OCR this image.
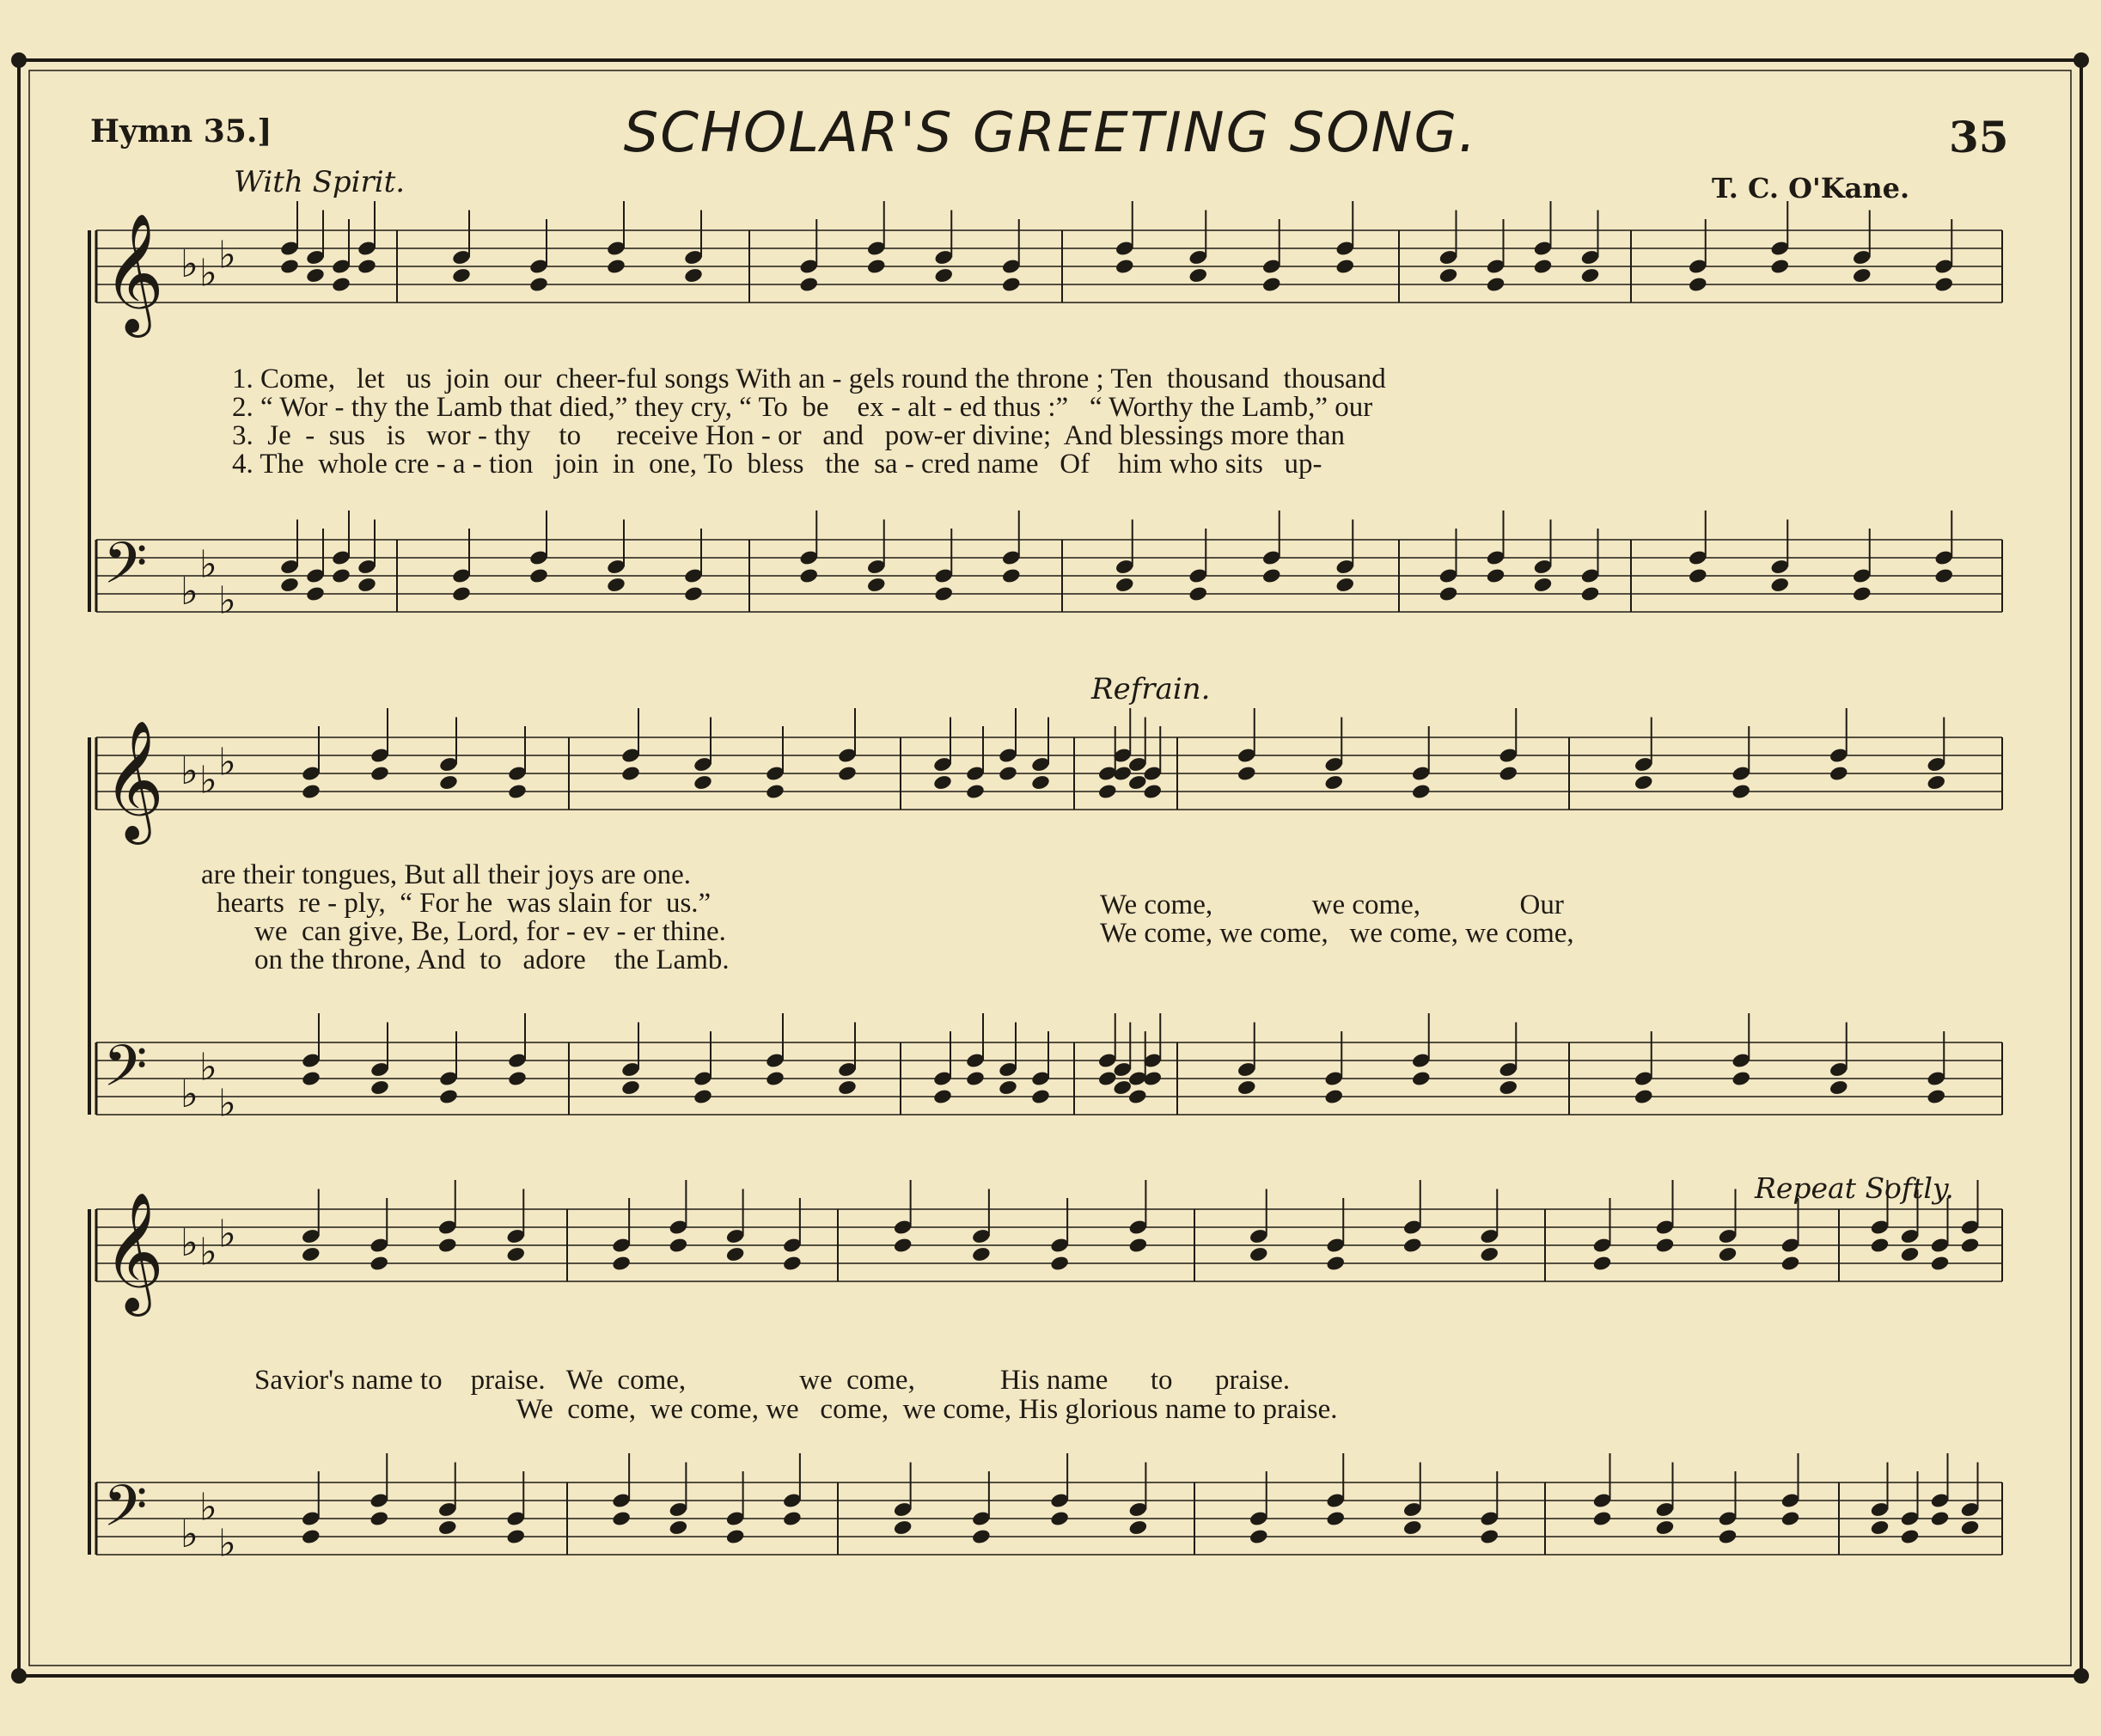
𝄞 ♭ ♭ ♭
𝄢 ♭
♭
♭
𝄞 ♭ ♭ ♭
𝄢 ♭
♭
♭
𝄞 ♭ ♭ ♭
𝄢 ♭
♭
♭
Hymn 35.]	SCHOLAR'S GREETING SONG.	35
With Spirit.	T. C. O'Kane.
Refrain.
Repeat Softly.
1. Come,   let   us  join  our  cheer-ful songs With an - gels round the throne ; Ten  thousand  thousand
2. “ Wor - thy the Lamb that died,” they cry, “ To  be    ex - alt - ed thus :”   “ Worthy the Lamb,” our
3.  Je  -  sus   is   wor - thy    to     receive Hon - or   and   pow-er divine;  And blessings more than
4. The  whole cre - a - tion   join  in  one, To  bless   the  sa - cred name   Of    him who sits   up-
are their tongues, But all their joys are one.
hearts  re - ply,  “ For he  was slain for  us.”
we  can give, Be, Lord, for - ev - er thine.
on the throne, And  to   adore    the Lamb.
We come,              we come,              Our
We come, we come,   we come, we come,
Savior's name to    praise.   We  come,                we  come,            His name      to      praise.
We  come,  we come, we   come,  we come, His glorious name to praise.
